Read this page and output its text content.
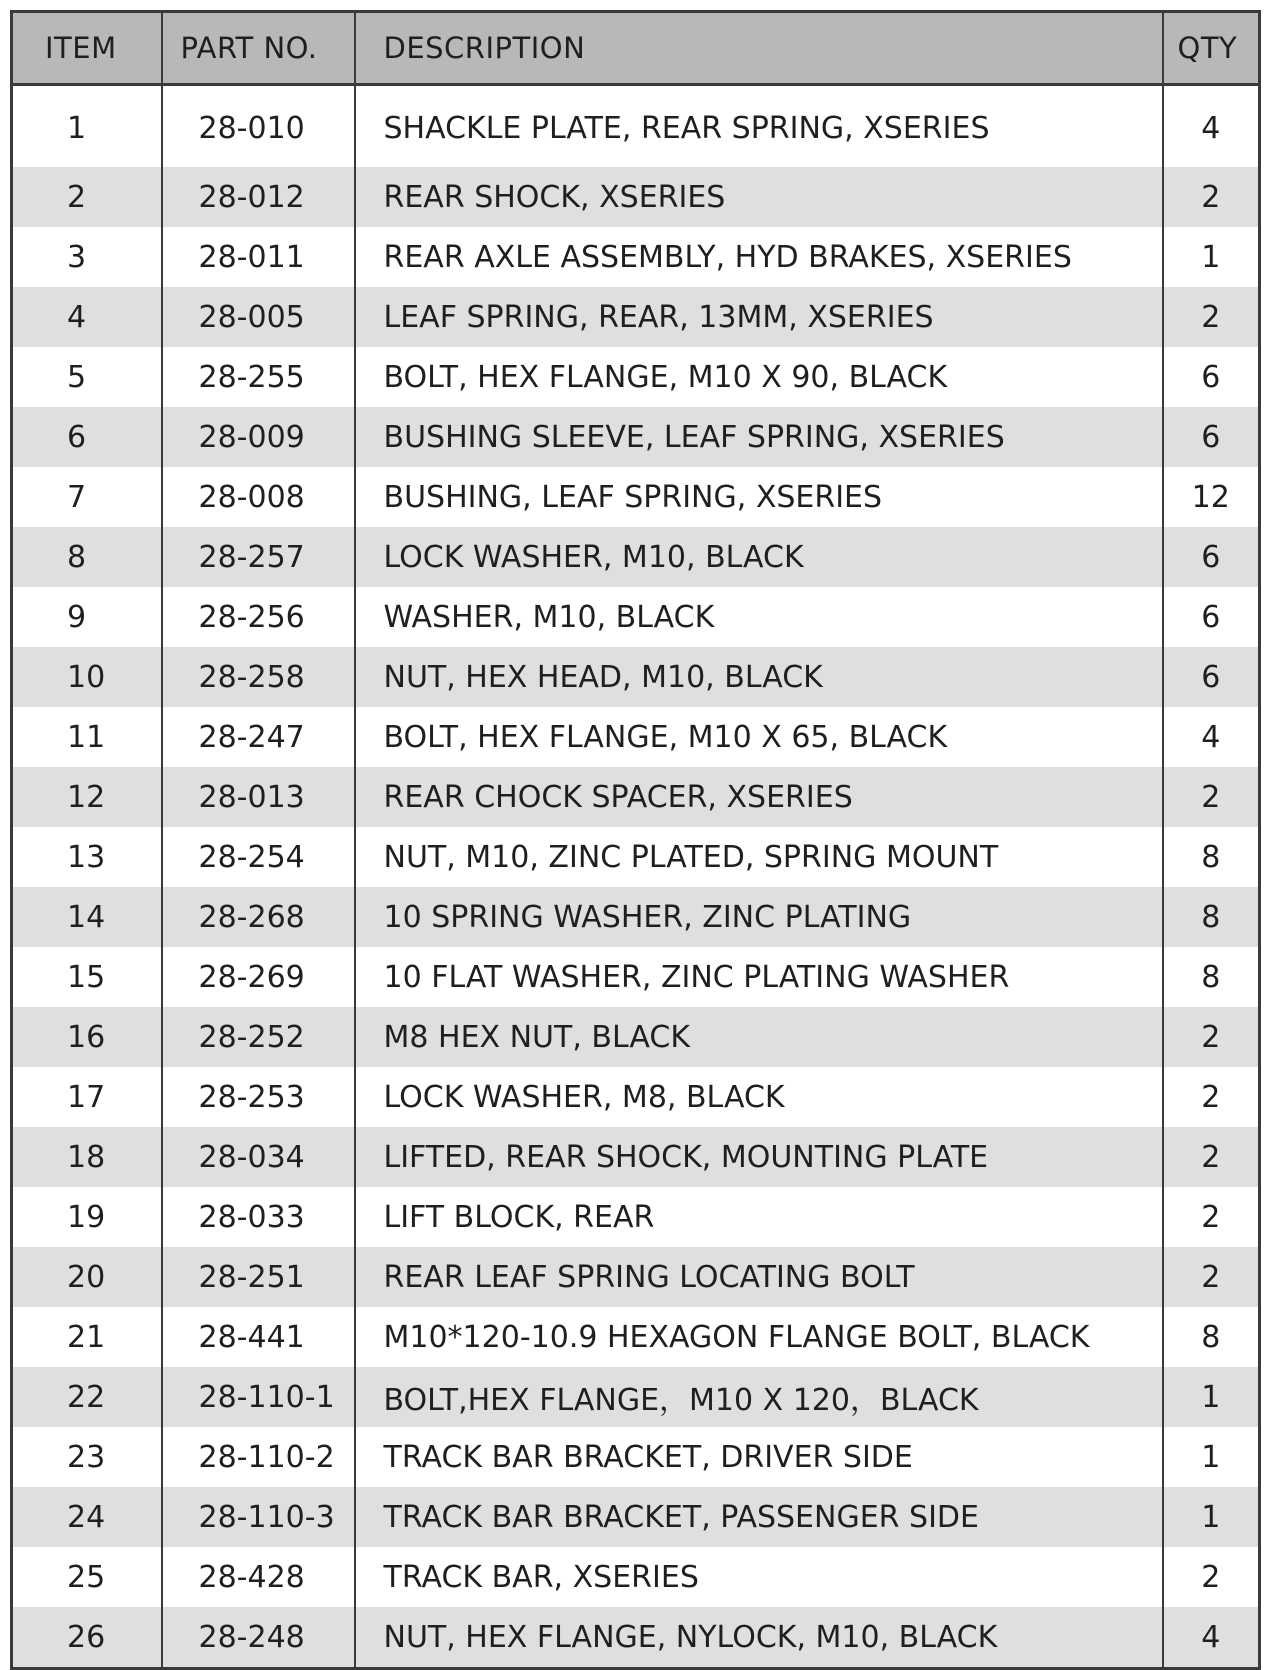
ITEM	PART NO.	DESCRIPTION	QTY
1	28-010	SHACKLE PLATE, REAR SPRING, XSERIES	4
2	28-012	REAR SHOCK, XSERIES	2
3	28-011	REAR AXLE ASSEMBLY, HYD BRAKES, XSERIES	1
4	28-005	LEAF SPRING, REAR, 13MM, XSERIES	2
5	28-255	BOLT, HEX FLANGE, M10 X 90, BLACK	6
6	28-009	BUSHING SLEEVE, LEAF SPRING, XSERIES	6
7	28-008	BUSHING, LEAF SPRING, XSERIES	12
8	28-257	LOCK WASHER, M10, BLACK	6
9	28-256	WASHER, M10, BLACK	6
10	28-258	NUT, HEX HEAD, M10, BLACK	6
11	28-247	BOLT, HEX FLANGE, M10 X 65, BLACK	4
12	28-013	REAR CHOCK SPACER, XSERIES	2
13	28-254	NUT, M10, ZINC PLATED, SPRING MOUNT	8
14	28-268	10 SPRING WASHER, ZINC PLATING	8
15	28-269	10 FLAT WASHER, ZINC PLATING WASHER	8
16	28-252	M8 HEX NUT, BLACK	2
17	28-253	LOCK WASHER, M8, BLACK	2
18	28-034	LIFTED, REAR SHOCK, MOUNTING PLATE	2
19	28-033	LIFT BLOCK, REAR	2
20	28-251	REAR LEAF SPRING LOCATING BOLT	2
21	28-441	M10*120-10.9 HEXAGON FLANGE BOLT, BLACK	8
22	28-110-1	BOLT,HEX FLANGE，M10 X 120，BLACK	1
23	28-110-2	TRACK BAR BRACKET, DRIVER SIDE	1
24	28-110-3	TRACK BAR BRACKET, PASSENGER SIDE	1
25	28-428	TRACK BAR, XSERIES	2
26	28-248	NUT, HEX FLANGE, NYLOCK, M10, BLACK	4
